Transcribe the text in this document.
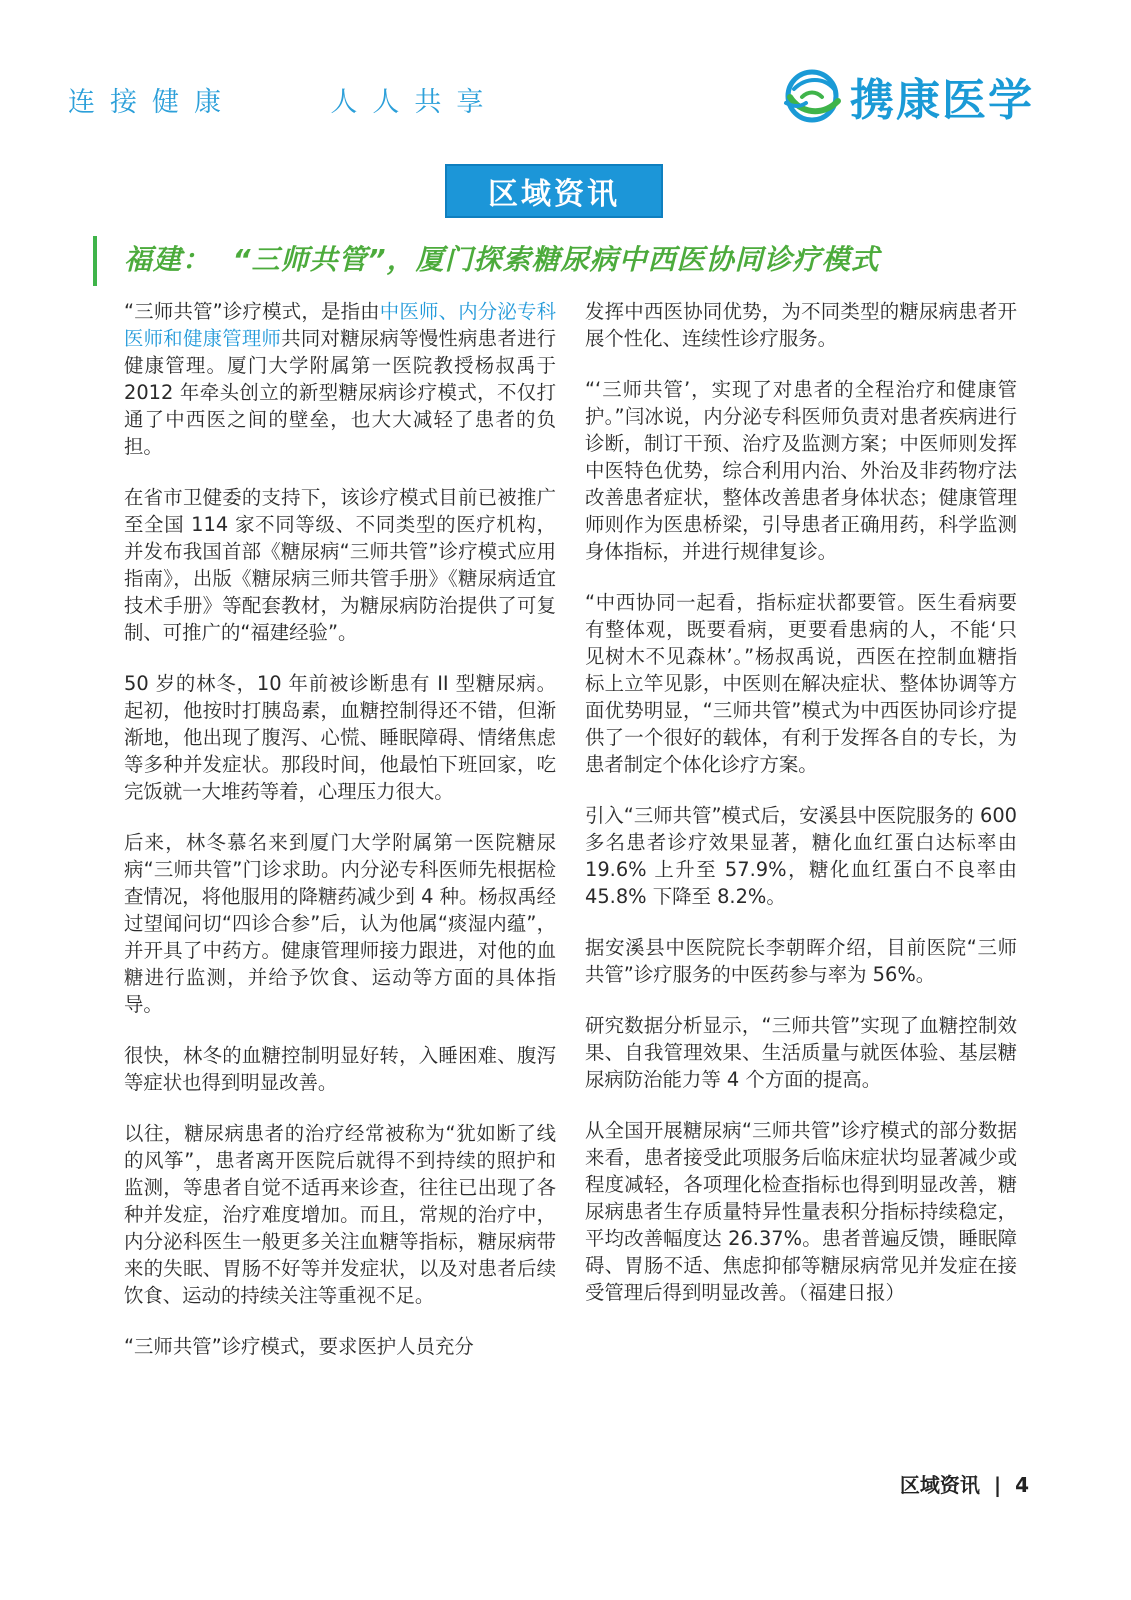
连接健康    人人共享	携康医学
区域资讯
福建：  “三师共管”，厦门探索糖尿病中西医协同诊疗模式

“三师共管”诊疗模式，是指由中医师、内分泌专科医师和健康管理师共同对糖尿病等慢性病患者进行健康管理。厦门大学附属第一医院教授杨叔禹于 2012 年牵头创立的新型糖尿病诊疗模式，不仅打通了中西医之间的壁垒，也大大减轻了患者的负担。

在省市卫健委的支持下，该诊疗模式目前已被推广至全国 114 家不同等级、不同类型的医疗机构，并发布我国首部《糖尿病“三师共管”诊疗模式应用指南》，出版《糖尿病三师共管手册》《糖尿病适宜技术手册》等配套教材，为糖尿病防治提供了可复制、可推广的“福建经验”。

50 岁的林冬，10 年前被诊断患有 II 型糖尿病。起初，他按时打胰岛素，血糖控制得还不错，但渐渐地，他出现了腹泻、心慌、睡眠障碍、情绪焦虑等多种并发症状。那段时间，他最怕下班回家，吃完饭就一大堆药等着，心理压力很大。

后来，林冬慕名来到厦门大学附属第一医院糖尿病“三师共管”门诊求助。内分泌专科医师先根据检查情况，将他服用的降糖药减少到 4 种。杨叔禹经过望闻问切“四诊合参”后，认为他属“痰湿内蕴”，并开具了中药方。健康管理师接力跟进，对他的血糖进行监测，并给予饮食、运动等方面的具体指导。

很快，林冬的血糖控制明显好转，入睡困难、腹泻等症状也得到明显改善。

以往，糖尿病患者的治疗经常被称为“犹如断了线的风筝”，患者离开医院后就得不到持续的照护和监测，等患者自觉不适再来诊查，往往已出现了各种并发症，治疗难度增加。而且，常规的治疗中，内分泌科医生一般更多关注血糖等指标，糖尿病带来的失眠、胃肠不好等并发症状，以及对患者后续饮食、运动的持续关注等重视不足。

“三师共管”诊疗模式，要求医护人员充分

发挥中西医协同优势，为不同类型的糖尿病患者开展个性化、连续性诊疗服务。

“‘三师共管’，实现了对患者的全程治疗和健康管护。”闫冰说，内分泌专科医师负责对患者疾病进行诊断，制订干预、治疗及监测方案；中医师则发挥中医特色优势，综合利用内治、外治及非药物疗法改善患者症状，整体改善患者身体状态；健康管理师则作为医患桥梁，引导患者正确用药，科学监测身体指标，并进行规律复诊。

“中西协同一起看，指标症状都要管。医生看病要有整体观，既要看病，更要看患病的人，不能‘只见树木不见森林’。”杨叔禹说，西医在控制血糖指标上立竿见影，中医则在解决症状、整体协调等方面优势明显，“三师共管”模式为中西医协同诊疗提供了一个很好的载体，有利于发挥各自的专长，为患者制定个体化诊疗方案。

引入“三师共管”模式后，安溪县中医院服务的 600 多名患者诊疗效果显著，糖化血红蛋白达标率由 19.6% 上升至 57.9%，糖化血红蛋白不良率由 45.8% 下降至 8.2%。

据安溪县中医院院长李朝晖介绍，目前医院“三师共管”诊疗服务的中医药参与率为 56%。

研究数据分析显示，“三师共管”实现了血糖控制效果、自我管理效果、生活质量与就医体验、基层糖尿病防治能力等 4 个方面的提高。

从全国开展糖尿病“三师共管”诊疗模式的部分数据来看，患者接受此项服务后临床症状均显著减少或程度减轻，各项理化检查指标也得到明显改善，糖尿病患者生存质量特异性量表积分指标持续稳定，平均改善幅度达 26.37%。患者普遍反馈，睡眠障碍、胃肠不适、焦虑抑郁等糖尿病常见并发症在接受管理后得到明显改善。（福建日报）

区域资讯 | 4
